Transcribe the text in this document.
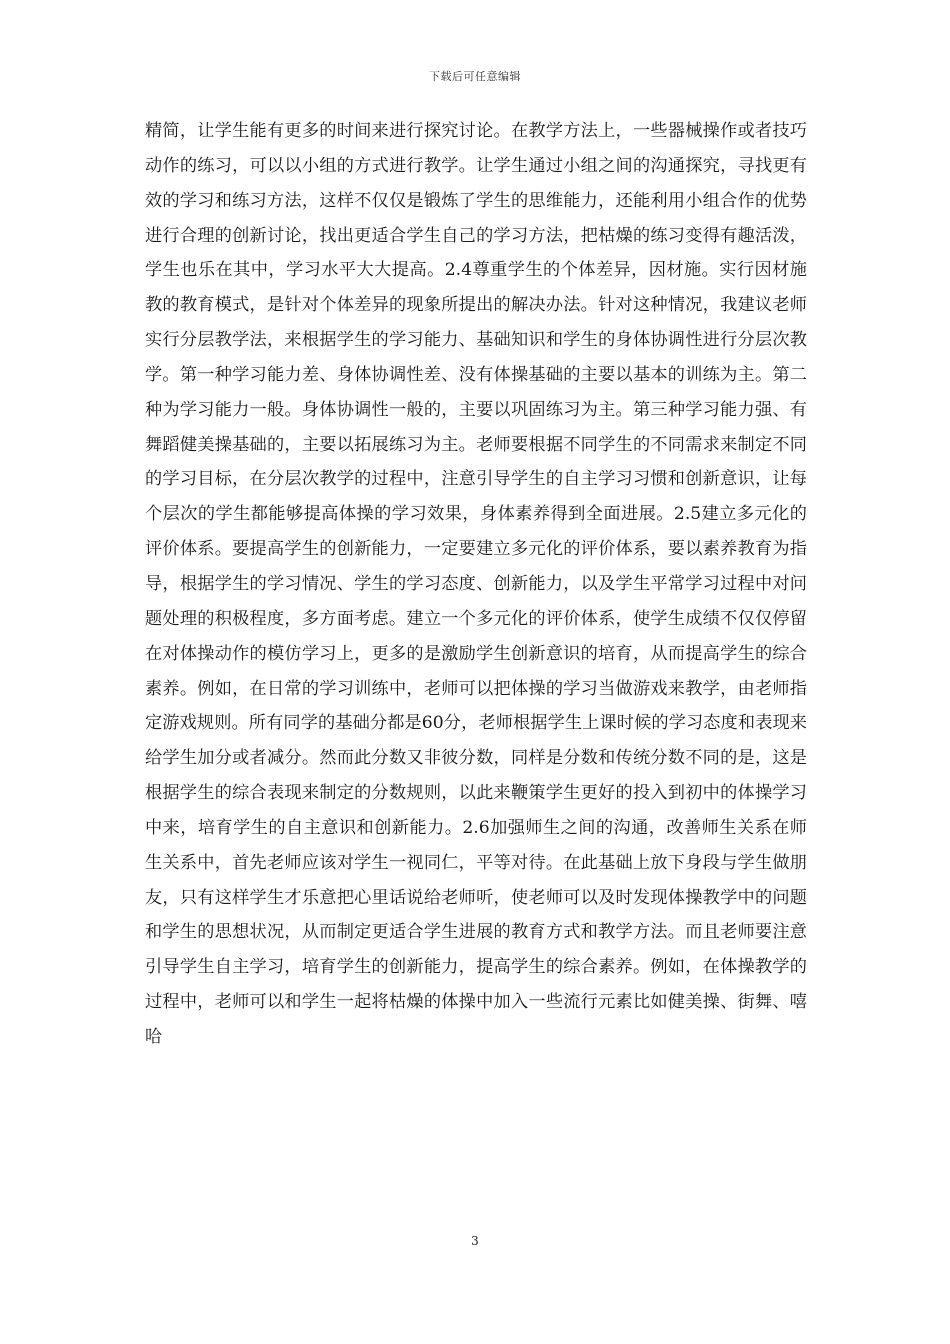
下载后可任意编辑

精简，让学生能有更多的时间来进行探究讨论。在教学方法上，一些器械操作或者技巧动作的练习，可以以小组的方式进行教学。让学生通过小组之间的沟通探究，寻找更有效的学习和练习方法，这样不仅仅是锻炼了学生的思维能力，还能利用小组合作的优势进行合理的创新讨论，找出更适合学生自己的学习方法，把枯燥的练习变得有趣活泼，学生也乐在其中，学习水平大大提高。2.4尊重学生的个体差异，因材施。实行因材施教的教育模式，是针对个体差异的现象所提出的解决办法。针对这种情况，我建议老师实行分层教学法，来根据学生的学习能力、基础知识和学生的身体协调性进行分层次教学。第一种学习能力差、身体协调性差、没有体操基础的主要以基本的训练为主。第二种为学习能力一般。身体协调性一般的，主要以巩固练习为主。第三种学习能力强、有舞蹈健美操基础的，主要以拓展练习为主。老师要根据不同学生的不同需求来制定不同的学习目标，在分层次教学的过程中，注意引导学生的自主学习习惯和创新意识，让每个层次的学生都能够提高体操的学习效果，身体素养得到全面进展。2.5建立多元化的评价体系。要提高学生的创新能力，一定要建立多元化的评价体系，要以素养教育为指导，根据学生的学习情况、学生的学习态度、创新能力，以及学生平常学习过程中对问题处理的积极程度，多方面考虑。建立一个多元化的评价体系，使学生成绩不仅仅停留在对体操动作的模仿学习上，更多的是激励学生创新意识的培育，从而提高学生的综合素养。例如，在日常的学习训练中，老师可以把体操的学习当做游戏来教学，由老师指定游戏规则。所有同学的基础分都是60分，老师根据学生上课时候的学习态度和表现来给学生加分或者减分。然而此分数又非彼分数，同样是分数和传统分数不同的是，这是根据学生的综合表现来制定的分数规则，以此来鞭策学生更好的投入到初中的体操学习中来，培育学生的自主意识和创新能力。2.6加强师生之间的沟通，改善师生关系在师生关系中，首先老师应该对学生一视同仁，平等对待。在此基础上放下身段与学生做朋友，只有这样学生才乐意把心里话说给老师听，使老师可以及时发现体操教学中的问题和学生的思想状况，从而制定更适合学生进展的教育方式和教学方法。而且老师要注意引导学生自主学习，培育学生的创新能力，提高学生的综合素养。例如，在体操教学的过程中，老师可以和学生一起将枯燥的体操中加入一些流行元素比如健美操、街舞、嘻哈

3
